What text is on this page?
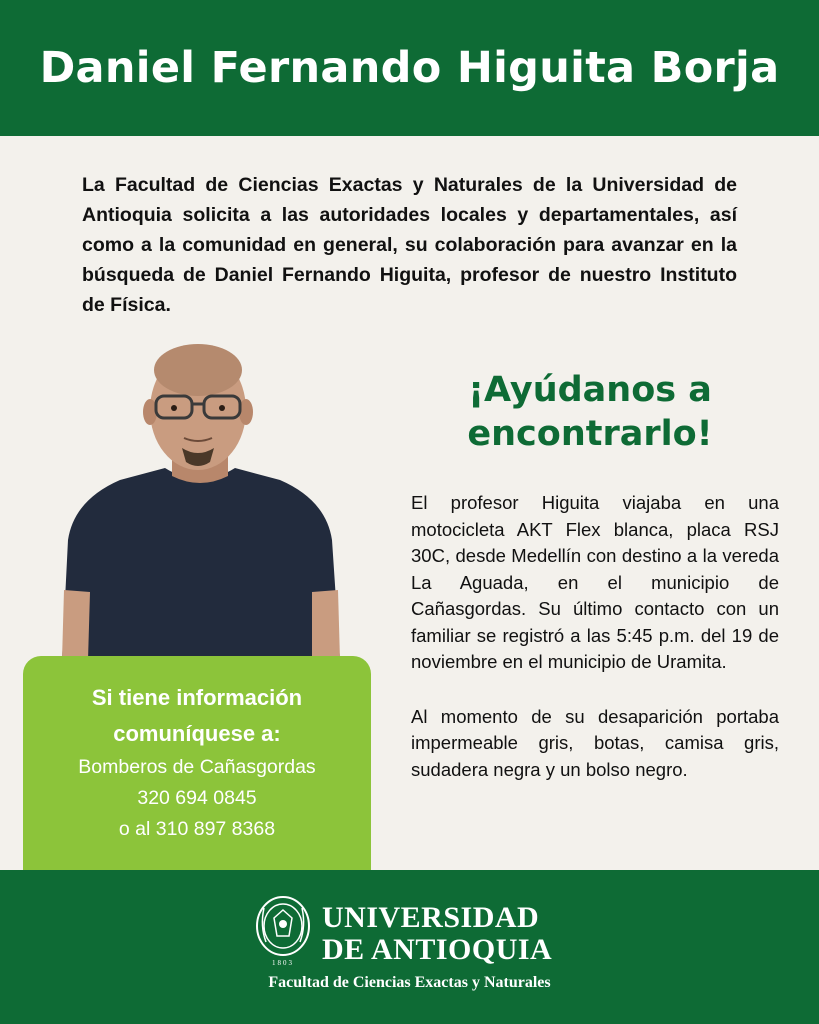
Daniel Fernando Higuita Borja

La Facultad de Ciencias Exactas y Naturales de la Universidad de Antioquia solicita a las autoridades locales y departamentales, así como a la comunidad en general, su colaboración para avanzar en la búsqueda de Daniel Fernando Higuita, profesor de nuestro Instituto de Física.

¡Ayúdanos a
encontrarlo!

El profesor Higuita viajaba en una motocicleta AKT Flex blanca, placa RSJ 30C, desde Medellín con destino a la vereda La Aguada, en el municipio de Cañasgordas. Su último contacto con un familiar se registró a las 5:45 p.m. del 19 de noviembre en el municipio de Uramita.

Al momento de su desaparición portaba impermeable gris, botas, camisa gris, sudadera negra y un bolso negro.

Si tiene información
comuníquese a:
Bomberos de Cañasgordas
320 694 0845
o al 310 897 8368
1803
UNIVERSIDAD
DE ANTIOQUIA
Facultad de Ciencias Exactas y Naturales
